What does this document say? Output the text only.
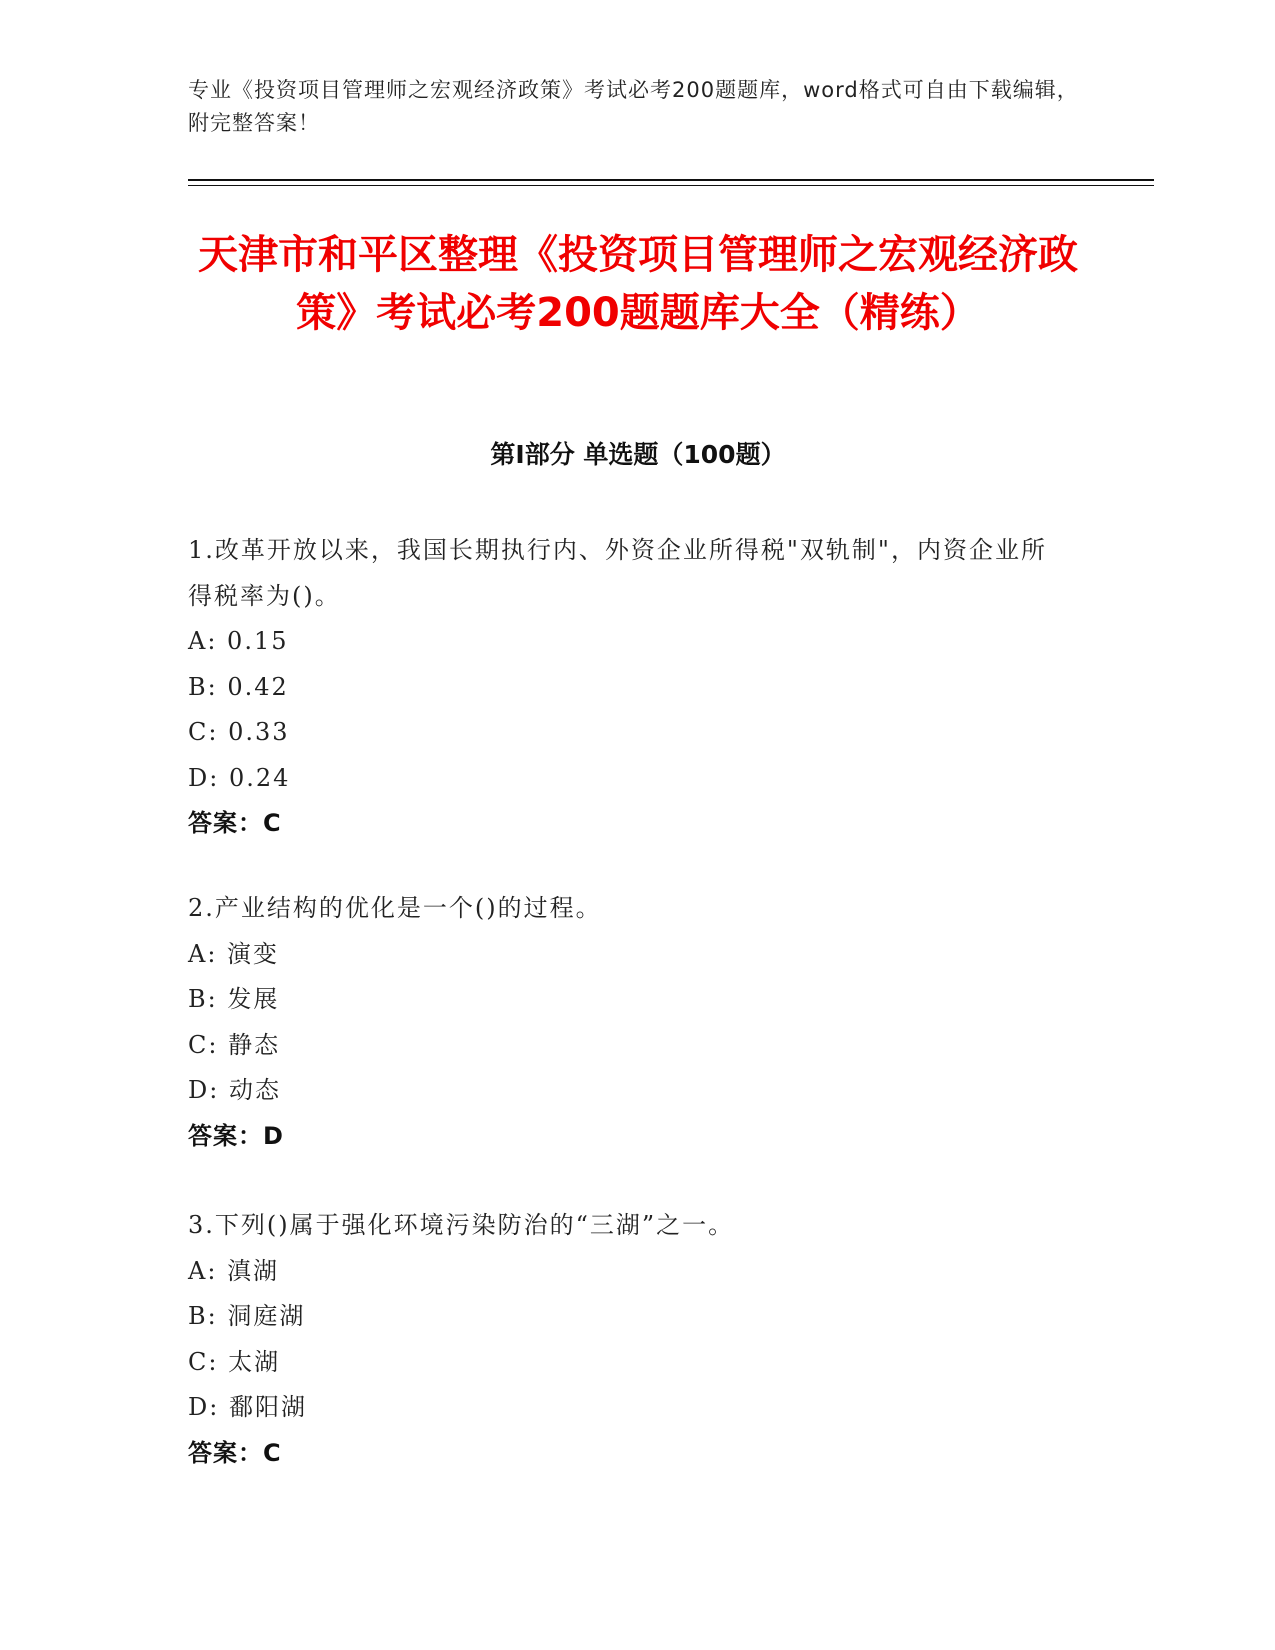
专业《投资项目管理师之宏观经济政策》考试必考200题题库，word格式可自由下载编辑，附完整答案！
天津市和平区整理《投资项目管理师之宏观经济政策》考试必考200题题库大全（精练）
第I部分 单选题（100题）
1.改革开放以来，我国长期执行内、外资企业所得税"双轨制"，内资企业所得税率为()。
A: 0.15
B: 0.42
C: 0.33
D: 0.24
答案：C
2.产业结构的优化是一个()的过程。
A: 演变
B: 发展
C: 静态
D: 动态
答案：D
3.下列()属于强化环境污染防治的“三湖”之一。
A: 滇湖
B: 洞庭湖
C: 太湖
D: 鄱阳湖
答案：C
